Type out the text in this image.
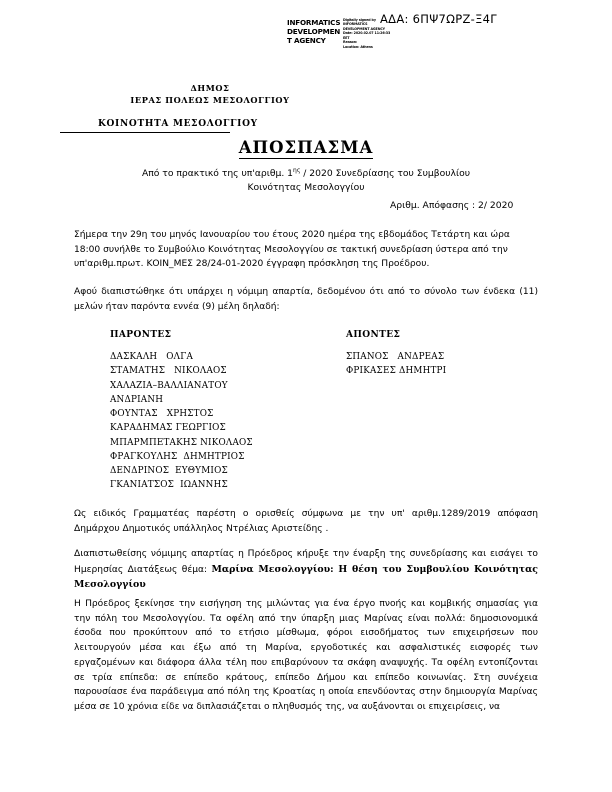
ΑΔΑ: 6ΠΨ7ΩΡΖ-Ξ4Γ
INFORMATICS
DEVELOPMEN
T AGENCY
Digitally signed by
INFORMATICS
DEVELOPMENT AGENCY
Date: 2020.02.07 11:26:33
EET
Reason:
Location: Athens
ΔΗΜΟΣ
ΙΕΡΑΣ ΠΟΛΕΩΣ ΜΕΣΟΛΟΓΓΙΟΥ
ΚΟΙΝΟΤΗΤΑ ΜΕΣΟΛΟΓΓΙΟΥ
ΑΠΟΣΠΑΣΜΑ
Από το πρακτικό της υπ'αριθμ. $1^{\eta\varsigma} / 2020$ Συνεδρίασης του Συμβουλίου
Κοινότητας Μεσολογγίου
Αριθμ. Απόφασης : 2/ 2020
Σήμερα την 29η του μηνός Ιανουαρίου του έτους 2020 ημέρα της εβδομάδος Τετάρτη και ώρα 18:00 συνήλθε το Συμβούλιο Κοινότητας Μεσολογγίου σε τακτική συνεδρίαση ύστερα από την υπ'αριθμ.πρωτ. ΚΟΙΝ_ΜΕΣ 28/24-01-2020 έγγραφη πρόσκληση της Προέδρου.
Αφού διαπιστώθηκε ότι υπάρχει η νόμιμη απαρτία, δεδομένου ότι από το σύνολο των ένδεκα (11) μελών ήταν παρόντα εννέα (9) μέλη δηλαδή:
ΠΑΡΟΝΤΕΣ
ΔΑΣΚΑΛΗ   ΟΛΓΑ
ΣΤΑΜΑΤΗΣ   ΝΙΚΟΛΑΟΣ
ΧΑΛΑΖΙΑ–ΒΑΛΛΙΑΝΑΤΟΥ
ΑΝΔΡΙΑΝΗ
ΦΟΥΝΤΑΣ   ΧΡΗΣΤΟΣ
ΚΑΡΑΔΗΜΑΣ ΓΕΩΡΓΙΟΣ
ΜΠΑΡΜΠΕΤΑΚΗΣ ΝΙΚΟΛΑΟΣ
ΦΡΑΓΚΟΥΛΗΣ  ΔΗΜΗΤΡΙΟΣ
ΔΕΝΔΡΙΝΟΣ  ΕΥΘΥΜΙΟΣ
ΓΚΑΝΙΑΤΣΟΣ  ΙΩΑΝΝΗΣ
ΑΠΟΝΤΕΣ
ΣΠΑΝΟΣ   ΑΝΔΡΕΑΣ
ΦΡΙΚΑΣΕΣ ΔΗΜΗΤΡΙ
Ως ειδικός Γραμματέας παρέστη ο ορισθείς σύμφωνα με την υπ' αριθμ.1289/2019 απόφαση Δημάρχου Δημοτικός υπάλληλος Ντρέλιας Αριστείδης .
Διαπιστωθείσης νόμιμης απαρτίας η Πρόεδρος κήρυξε την έναρξη της συνεδρίασης και εισάγει το Ημερησίας Διατάξεως θέμα: Μαρίνα Μεσολογγίου: Η θέση του Συμβουλίου Κοινότητας Μεσολογγίου
Η Πρόεδρος ξεκίνησε την εισήγηση της μιλώντας για ένα έργο πνοής και κομβικής σημασίας για την πόλη του Μεσολογγίου. Τα οφέλη από την ύπαρξη μιας Μαρίνας είναι πολλά: δημοσιονομικά έσοδα που προκύπτουν από το ετήσιο μίσθωμα, φόροι εισοδήματος των επιχειρήσεων που λειτουργούν μέσα και έξω από τη Μαρίνα, εργοδοτικές και ασφαλιστικές εισφορές των εργαζομένων και διάφορα άλλα τέλη που επιβαρύνουν τα σκάφη αναψυχής. Τα οφέλη εντοπίζονται σε τρία επίπεδα: σε επίπεδο κράτους, επίπεδο Δήμου και επίπεδο κοινωνίας. Στη συνέχεια παρουσίασε ένα παράδειγμα από πόλη της Κροατίας η οποία επενδύοντας στην δημιουργία Μαρίνας μέσα σε 10 χρόνια είδε να διπλασιάζεται ο πληθυσμός της, να αυξάνονται οι επιχειρίσεις, να
